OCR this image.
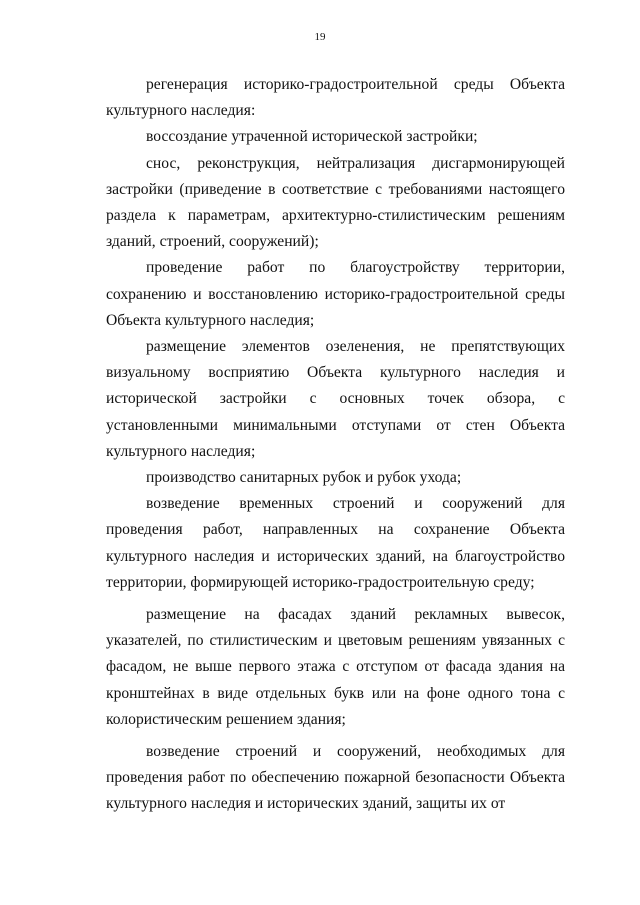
19

регенерация историко-градостроительной среды Объекта культурного наследия:

воссоздание утраченной исторической застройки;

снос, реконструкция, нейтрализация дисгармонирующей застройки (приведение в соответствие с требованиями настоящего раздела к параметрам, архитектурно-стилистическим решениям зданий, строений, сооружений);

проведение работ по благоустройству территории, сохранению и восстановлению историко-градостроительной среды Объекта культурного наследия;

размещение элементов озеленения, не препятствующих визуальному восприятию Объекта культурного наследия и исторической застройки с основных точек обзора, с установленными минимальными отступами от стен Объекта культурного наследия;

производство санитарных рубок и рубок ухода;

возведение временных строений и сооружений для проведения работ, направленных на сохранение Объекта культурного наследия и исторических зданий, на благоустройство территории, формирующей историко-градостроительную среду;

размещение на фасадах зданий рекламных вывесок, указателей, по стилистическим и цветовым решениям увязанных с фасадом, не выше первого этажа с отступом от фасада здания на кронштейнах в виде отдельных букв или на фоне одного тона с колористическим решением здания;

возведение строений и сооружений, необходимых для проведения работ по обеспечению пожарной безопасности Объекта культурного наследия и исторических зданий, защиты их от
